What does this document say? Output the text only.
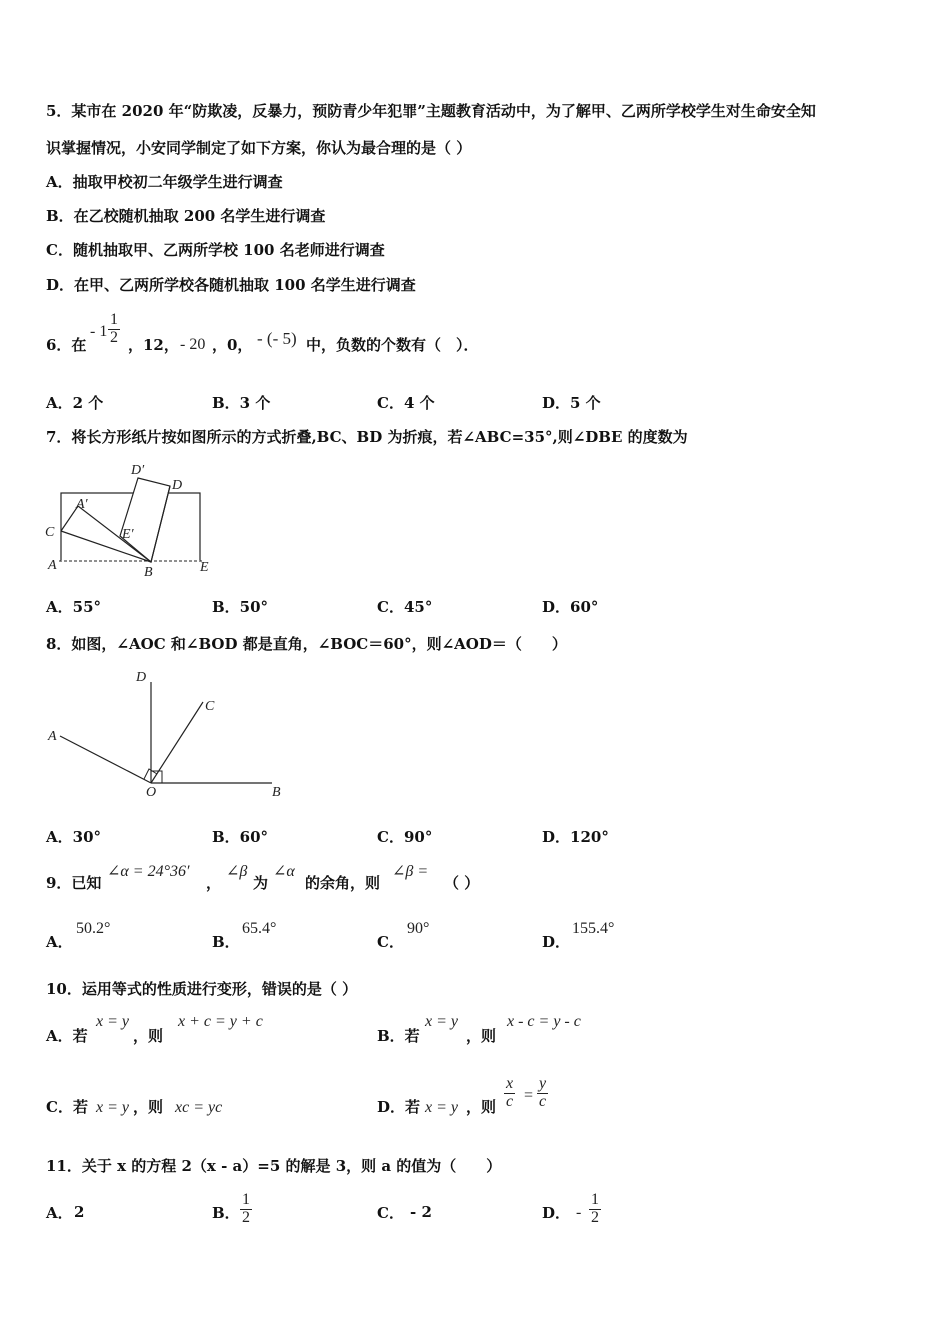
5．某市在 2020 年“防欺凌，反暴力，预防青少年犯罪”主题教育活动中，为了解甲、乙两所学校学生对生命安全知
识掌握情况，小安同学制定了如下方案，你认为最合理的是（ ）
A．抽取甲校初二年级学生进行调查
B．在乙校随机抽取 200 名学生进行调查
C．随机抽取甲、乙两所学校 100 名老师进行调查
D．在甲、乙两所学校各随机抽取 100 名学生进行调查
6．在
- $1 \frac{1}{2}$ ，12， - 20 ，0， - (- 5) 中，负数的个数有（　）．
A．2 个	B．3 个	C．4 个	D．5 个
7．将长方形纸片按如图所示的方式折叠,BC、BD 为折痕，若∠ABC=35°,则∠DBE 的度数为
D′
D
A′
E′
C
A	B	E
A．55°	B．50°	C．45°	D．60°
8．如图，∠AOC 和∠BOD 都是直角，∠BOC＝60°，则∠AOD＝（　　）
D
C
A
O	B
A．30°	B．60°	C．90°	D．120°
9．已知
∠α = 24°36′
，
∠β
为
∠α
的余角，则
∠β =
（ ）
A．
50.2°
B．
65.4°
C．
90°
D．
155.4°
10．运用等式的性质进行变形，错误的是（ ）
A．若
x = y
，则
x + c = y + c
B．若
x = y
，则
x - c = y - c
C．若 x = y ，则 xc = yc	D．若 x = y ，则 $\frac{x}{c} = \frac{y}{c}$
11．关于 x 的方程 2（x - a）=5 的解是 3，则 a 的值为（　　）
A． 2	B． $\frac{1}{2}$	C． - 2	D． - $\frac{1}{2}$
